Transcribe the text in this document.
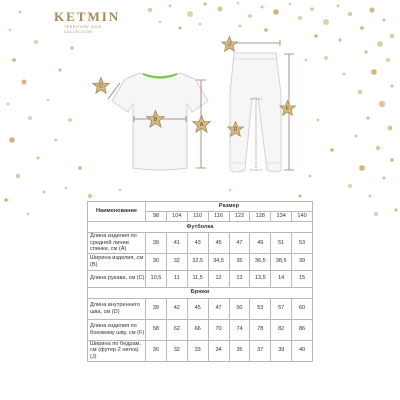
KETMIN
TERRITORY KIDS
COLLECTION
A
B
C
J
F
D
Наименование	Размер							
	98	104	110	116	122	128	134	140
Футболка								
Длина изделия по средней линии спинки, см (А)	39	41	43	45	47	49	51	53
Ширина изделия, см (В)	30	32	32,5	34,5	35	36,5	38,5	39
Длина рукава, см (С)	10,5	11	11,5	12	13	13,5	14	15
Брюки								
Длина внутреннего шва, см (D)	39	42	45	47	50	53	57	60
Длина изделия по боковому шву, см (F)	58	62	66	70	74	78	82	86
Ширина по бедрам, см (футер 2 нитка) (J)	30	32	33	34	35	37	39	40
